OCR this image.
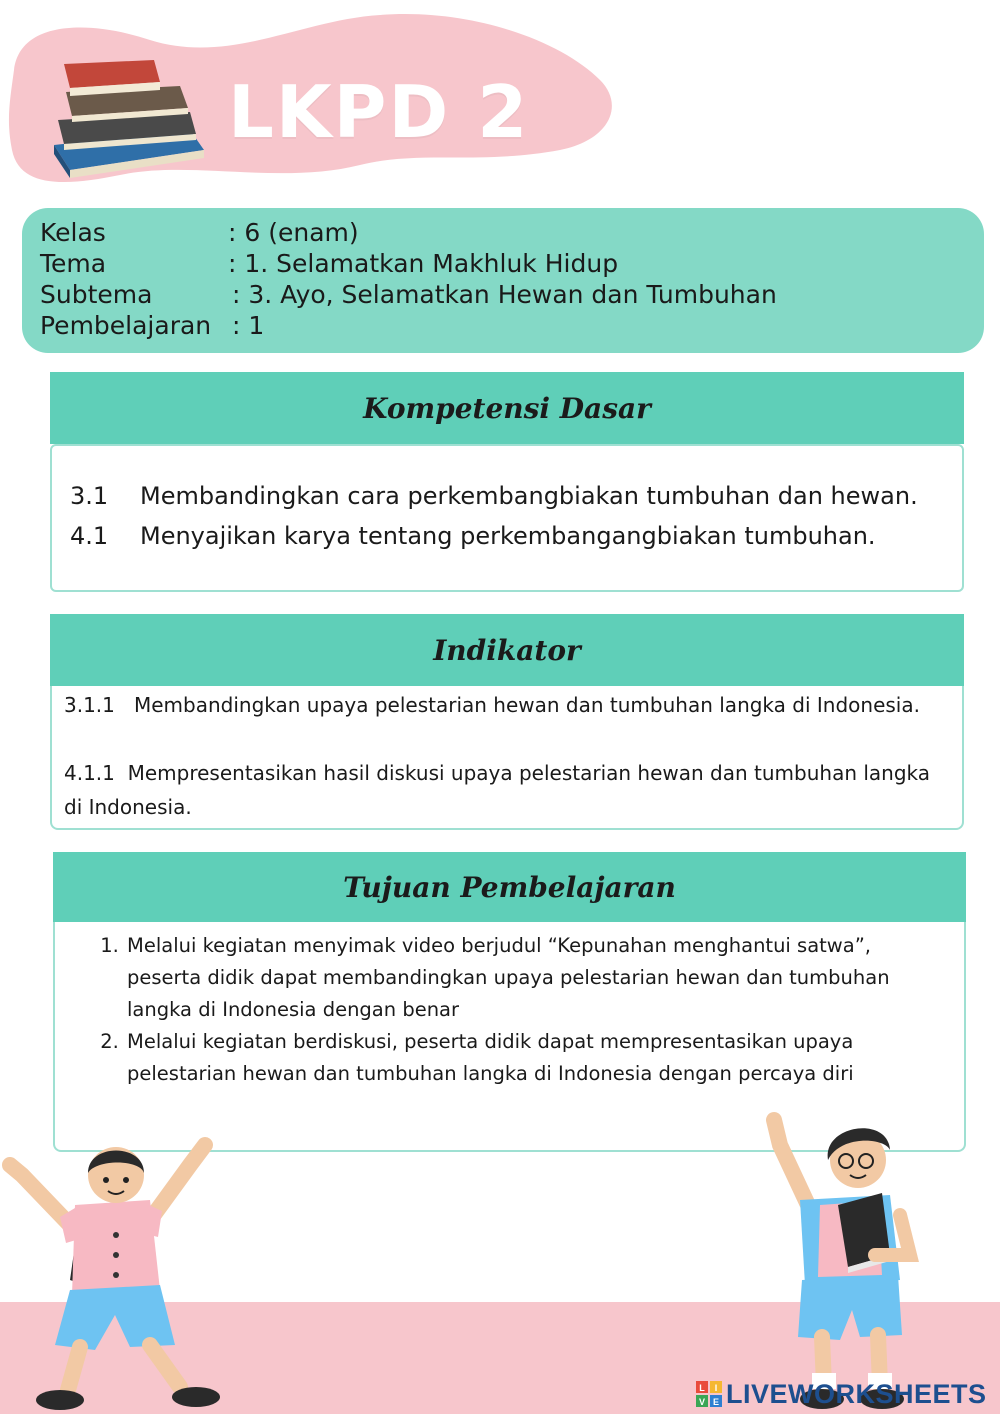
LKPD 2
Kelas	: 6 (enam)
Tema	: 1. Selamatkan Makhluk Hidup
Subtema	: 3. Ayo, Selamatkan Hewan dan Tumbuhan
Pembelajaran : 1
Kompetensi Dasar
3.1 Membandingkan cara perkembangbiakan tumbuhan dan hewan.
4.1 Menyajikan karya tentang perkembangangbiakan tumbuhan.
Indikator
3.1.1 Membandingkan upaya pelestarian hewan dan tumbuhan langka di Indonesia.
4.1.1 Mempresentasikan hasil diskusi upaya pelestarian hewan dan tumbuhan langka di Indonesia.
Tujuan Pembelajaran
1. Melalui kegiatan menyimak video berjudul “Kepunahan menghantui satwa”, peserta didik dapat membandingkan upaya pelestarian hewan dan tumbuhan langka di Indonesia dengan benar
2. Melalui kegiatan berdiskusi, peserta didik dapat mempresentasikan upaya pelestarian hewan dan tumbuhan langka di Indonesia dengan percaya diri
L I
V E LIVEWORKSHEETS
